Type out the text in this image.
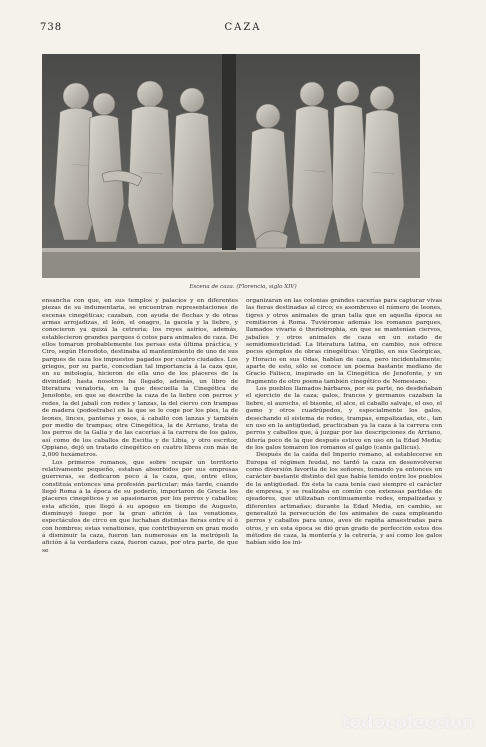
738	CAZA
Escena de caza. (Florencia, siglo XIV)

ensancha con que, en sus templos y palacios y en diferentes piezas de su indumentaria, se encuentran representaciones de escenas cinegéticas; cazaban, con ayuda de flechas y de otras armas arrojadizas, el león, el onagro, la gacela y la liebre, y conocieron ya quizá la cetrería; los reyes asirios, además, establecieron grandes parques ó cotos para animales de caza. De ellos tomaron probablemente los persas esta última práctica, y Ciro, según Herodoto, destinaba al mantenimiento de uno de sus parques de caza los impuestos pagados por cuatro ciudades. Los griegos, por su parte, concedían tal importancia á la caza que, en su mitología, hicieron de ella uno de los placeres de la divinidad; hasta nosotros ha llegado, además, un libro de literatura venatoria, en la que descuella la Cinegética de Jenofonte, en que se describe la caza de la liebre con perros y redes, la del jabalí con redes y lanzas, la del ciervo con trampas de madera (podostrabe) en la que se le coge por los pies, la de leones, linces, panteras y osos, á caballo con lanzas y también por medio de trampas; otra Cinegética, la de Arriano, trata de los perros de la Galia y de las cacerías á la carrera de los galos, así como de los caballos de Escitia y de Libia, y otro escritor, Oppiano, dejó un tratado cinegético en cuatro libros con más de 2,000 hexámetros.

Los primeros romanos, que sobre ocupar un territorio relativamente pequeño, estaban absorbidos por sus empresas guerreras, se dedicaron poco á la caza, que, entre ellos, constituía entonces una profesión particular; más tarde, cuando llegó Roma á la época de su poderío, importaron de Grecia los placeres cinegéticos y se apasionaron por los perros y caballos; esta afición, que llegó á su apogeo en tiempo de Augusto, disminuyó luego por la gran afición á las venationes, espectáculos de circo en que luchaban distintas fieras entre sí ó con hombres; estas venationes, que contribuyeron en gran modo á disminuir la caza, fueron tan numerosas en la metrópoli la afición á la verdadera caza, fueron cazas, por otra parte, de que se

organizaran en las colonias grandes cacerías para capturar vivas las fieras destinadas al circo; es asombroso el número de leones, tigres y otros animales de gran talla que en aquella época se remitieron á Roma. Tuviéronse además los romanos parques, llamados vivaria ó theriotrophia, en que se mantenían ciervos, jabalíes y otros animales de caza en un estado de semidomesticidad. La literatura latina, en cambio, nos ofrece pocos ejemplos de obras cinegéticas: Virgilio, en sus Geórgicas, y Horacio en sus Odas, hablan de caza, pero incidentalmente; aparte de esto, sólo se conoce un poema bastante mediano de Gracio Falisco, inspirado en la Cinegética de Jenofonte, y un fragmento de otro poema también cinegético de Nemesiano.

Los pueblos llamados bárbaros, por su parte, no desdeñaban el ejercicio de la caza; galos, francos y germanos cazaban la liebre, el aurochs, el bisonte, el alce, el caballo salvaje, el oso, el gamo y otros cuadrúpedos, y especialmente los galos, desechando el sistema de redes, trampas, empalizadas, etc., tan en uso en la antigüedad, practicaban ya la caza á la carrera con perros y caballos que, á juzgar por las descripciones de Arriano, difería poco de la que después estuvo en uso en la Edad Media; de los galos tomaron los romanos el galgo (canis gallicus).

Después de la caída del Imperio romano, al establecerse en Europa el régimen feudal, no tardó la caza en desenvolverse como diversión favorita de los señores, tomando ya entonces un carácter bastante distinto del que había tenido entre los pueblos de la antigüedad. En ésta la caza tenía casi siempre el carácter de empresa, y se realizaba en común con extensas partidas de ojeadores, que utilizaban continuamente redes, empalizadas y diferentes artimañas; durante la Edad Media, en cambio, se generalizó la persecución de los animales de caza empleando perros y caballos para unos, aves de rapiña amaestradas para otros, y en esta época se dió gran grado de perfección estos dos métodos de caza, la montería y la cetrería, y así como los galos habían sido los ini-

todocoleccion
